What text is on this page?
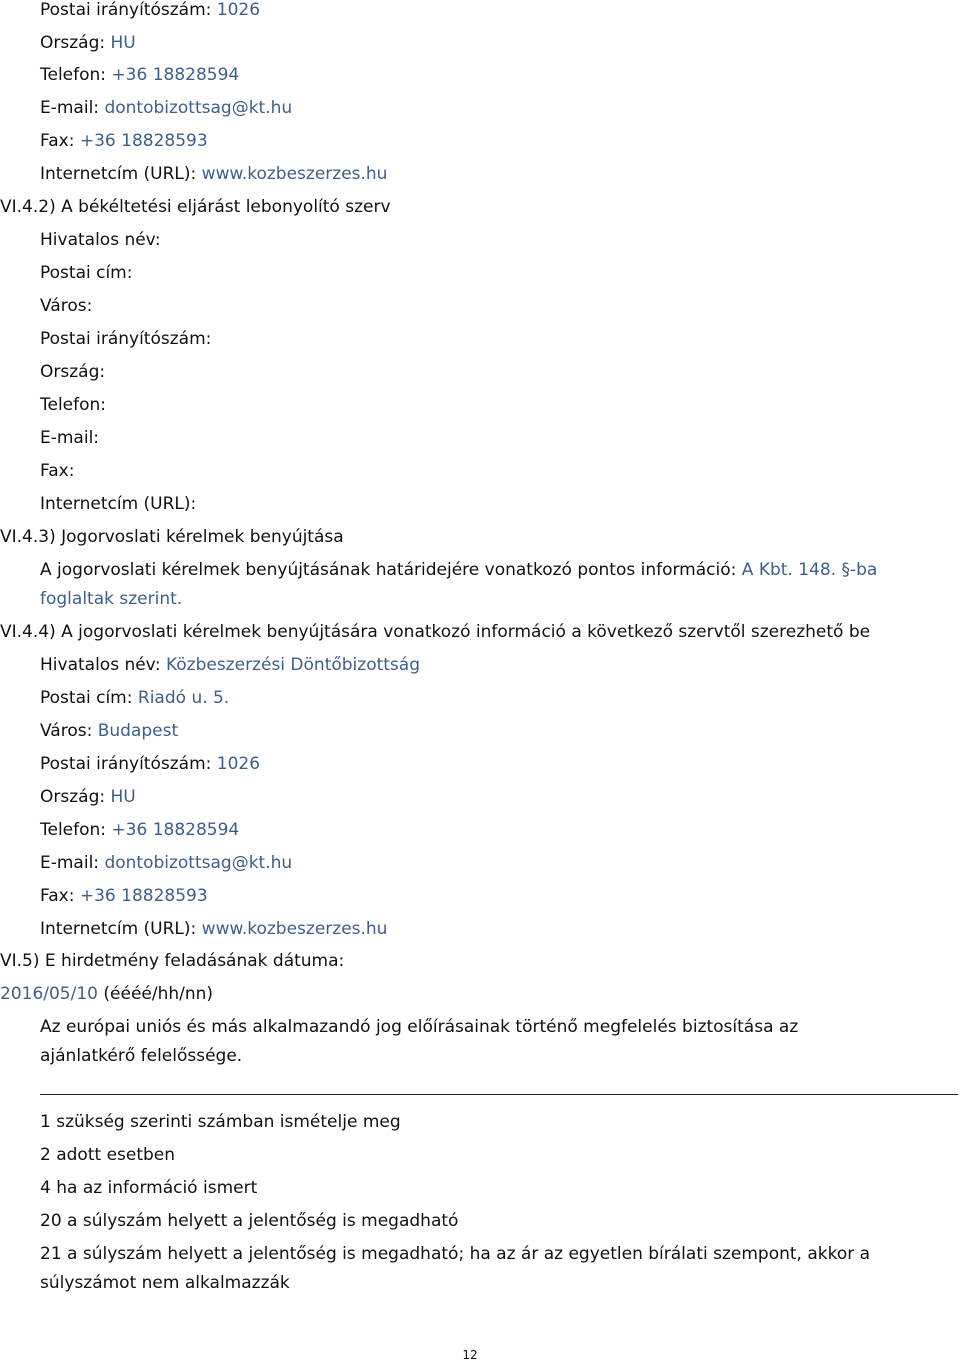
Postai irányítószám: 1026
Ország: HU
Telefon: +36 18828594
E-mail: dontobizottsag@kt.hu
Fax: +36 18828593
Internetcím (URL): www.kozbeszerzes.hu
VI.4.2) A békéltetési eljárást lebonyolító szerv
Hivatalos név:
Postai cím:
Város:
Postai irányítószám:
Ország:
Telefon:
E-mail:
Fax:
Internetcím (URL):
VI.4.3) Jogorvoslati kérelmek benyújtása
A jogorvoslati kérelmek benyújtásának határidejére vonatkozó pontos információ: A Kbt. 148. §-ba
foglaltak szerint.
VI.4.4) A jogorvoslati kérelmek benyújtására vonatkozó információ a következő szervtől szerezhető be
Hivatalos név: Közbeszerzési Döntőbizottság
Postai cím: Riadó u. 5.
Város: Budapest
Postai irányítószám: 1026
Ország: HU
Telefon: +36 18828594
E-mail: dontobizottsag@kt.hu
Fax: +36 18828593
Internetcím (URL): www.kozbeszerzes.hu
VI.5) E hirdetmény feladásának dátuma:
2016/05/10 (éééé/hh/nn)
Az európai uniós és más alkalmazandó jog előírásainak történő megfelelés biztosítása az
ajánlatkérő felelőssége.
1 szükség szerinti számban ismételje meg
2 adott esetben
4 ha az információ ismert
20 a súlyszám helyett a jelentőség is megadható
21 a súlyszám helyett a jelentőség is megadható; ha az ár az egyetlen bírálati szempont, akkor a
súlyszámot nem alkalmazzák
12
